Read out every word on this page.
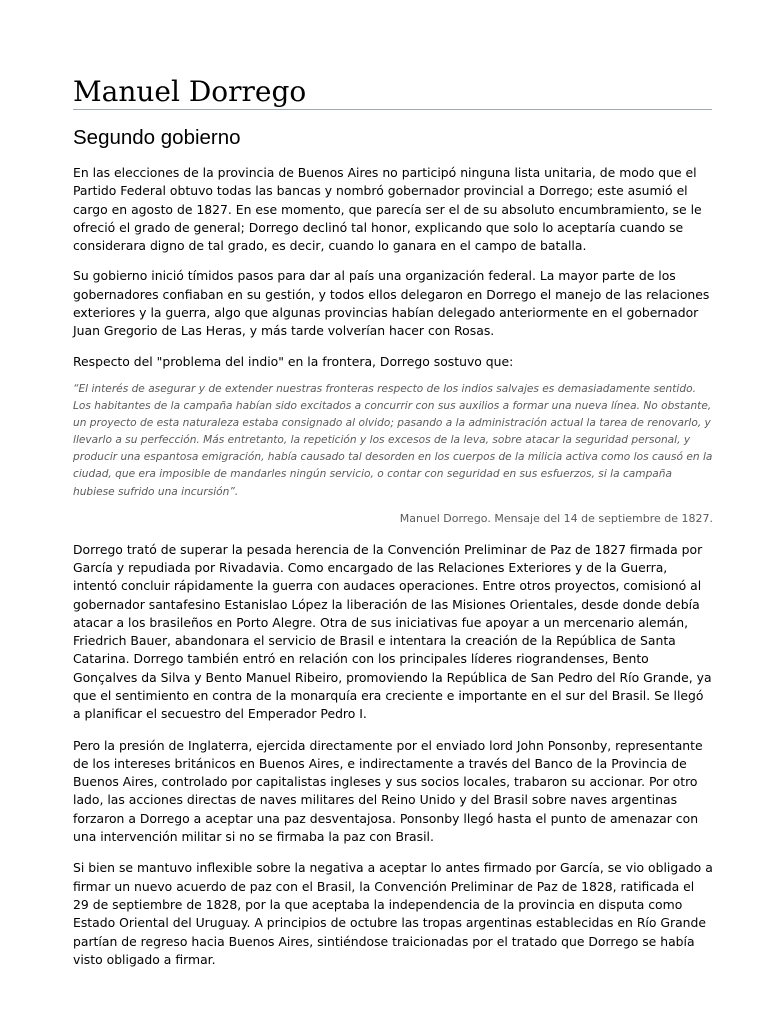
Manuel Dorrego
Segundo gobierno

En las elecciones de la provincia de Buenos Aires no participó ninguna lista unitaria, de modo que el Partido Federal obtuvo todas las bancas y nombró gobernador provincial a Dorrego; este asumió el cargo en agosto de 1827. En ese momento, que parecía ser el de su absoluto encumbramiento, se le ofreció el grado de general; Dorrego declinó tal honor, explicando que solo lo aceptaría cuando se considerara digno de tal grado, es decir, cuando lo ganara en el campo de batalla.

Su gobierno inició tímidos pasos para dar al país una organización federal. La mayor parte de los gobernadores confiaban en su gestión, y todos ellos delegaron en Dorrego el manejo de las relaciones exteriores y la guerra, algo que algunas provincias habían delegado anteriormente en el gobernador Juan Gregorio de Las Heras, y más tarde volverían hacer con Rosas.

Respecto del "problema del indio" en la frontera, Dorrego sostuvo que:

“El interés de asegurar y de extender nuestras fronteras respecto de los indios salvajes es demasiadamente sentido. Los habitantes de la campaña habían sido excitados a concurrir con sus auxilios a formar una nueva línea. No obstante, un proyecto de esta naturaleza estaba consignado al olvido; pasando a la administración actual la tarea de renovarlo, y llevarlo a su perfección. Más entretanto, la repetición y los excesos de la leva, sobre atacar la seguridad personal, y producir una espantosa emigración, había causado tal desorden en los cuerpos de la milicia activa como los causó en la ciudad, que era imposible de mandarles ningún servicio, o contar con seguridad en sus esfuerzos, si la campaña hubiese sufrido una incursión”.

Manuel Dorrego. Mensaje del 14 de septiembre de 1827.

Dorrego trató de superar la pesada herencia de la Convención Preliminar de Paz de 1827 firmada por García y repudiada por Rivadavia. Como encargado de las Relaciones Exteriores y de la Guerra, intentó concluir rápidamente la guerra con audaces operaciones. Entre otros proyectos, comisionó al gobernador santafesino Estanislao López la liberación de las Misiones Orientales, desde donde debía atacar a los brasileños en Porto Alegre. Otra de sus iniciativas fue apoyar a un mercenario alemán, Friedrich Bauer, abandonara el servicio de Brasil e intentara la creación de la República de Santa Catarina. Dorrego también entró en relación con los principales líderes riograndenses, Bento Gonçalves da Silva y Bento Manuel Ribeiro, promoviendo la República de San Pedro del Río Grande, ya que el sentimiento en contra de la monarquía era creciente e importante en el sur del Brasil. Se llegó a planificar el secuestro del Emperador Pedro I.

Pero la presión de Inglaterra, ejercida directamente por el enviado lord John Ponsonby, representante de los intereses británicos en Buenos Aires, e indirectamente a través del Banco de la Provincia de Buenos Aires, controlado por capitalistas ingleses y sus socios locales, trabaron su accionar. Por otro lado, las acciones directas de naves militares del Reino Unido y del Brasil sobre naves argentinas forzaron a Dorrego a aceptar una paz desventajosa. Ponsonby llegó hasta el punto de amenazar con una intervención militar si no se firmaba la paz con Brasil.

Si bien se mantuvo inflexible sobre la negativa a aceptar lo antes firmado por García, se vio obligado a firmar un nuevo acuerdo de paz con el Brasil, la Convención Preliminar de Paz de 1828, ratificada el 29 de septiembre de 1828, por la que aceptaba la independencia de la provincia en disputa como Estado Oriental del Uruguay. A principios de octubre las tropas argentinas establecidas en Río Grande partían de regreso hacia Buenos Aires, sintiéndose traicionadas por el tratado que Dorrego se había visto obligado a firmar.
